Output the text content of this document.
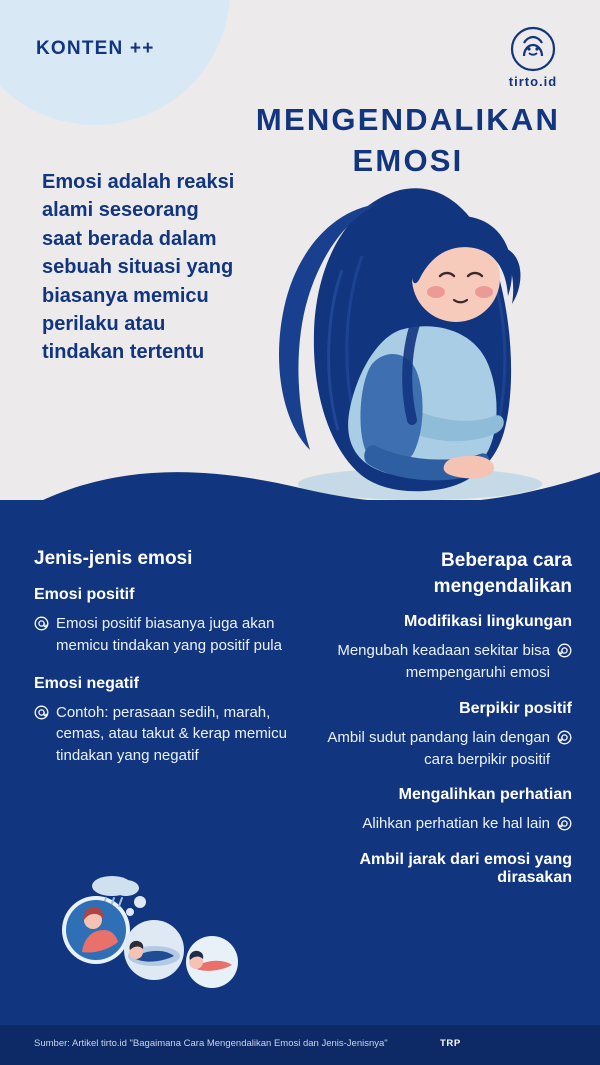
KONTEN ++
tirto.id
MENGENDALIKAN
EMOSI
Emosi adalah reaksi alami seseorang saat berada dalam sebuah situasi yang biasanya memicu perilaku atau tindakan tertentu
Jenis-jenis emosi
Emosi positif
Emosi positif biasanya juga akan memicu tindakan yang positif pula
Emosi negatif
Contoh: perasaan sedih, marah, cemas, atau takut & kerap memicu tindakan yang negatif
Beberapa cara
mengendalikan
Modifikasi lingkungan
Mengubah keadaan sekitar bisa mempengaruhi emosi
Berpikir positif
Ambil sudut pandang lain dengan cara berpikir positif
Mengalihkan perhatian
Alihkan perhatian ke hal lain
Ambil jarak dari emosi yang dirasakan
Sumber: Artikel tirto.id "Bagaimana Cara Mengendalikan Emosi dan Jenis-Jenisnya"	TRP
